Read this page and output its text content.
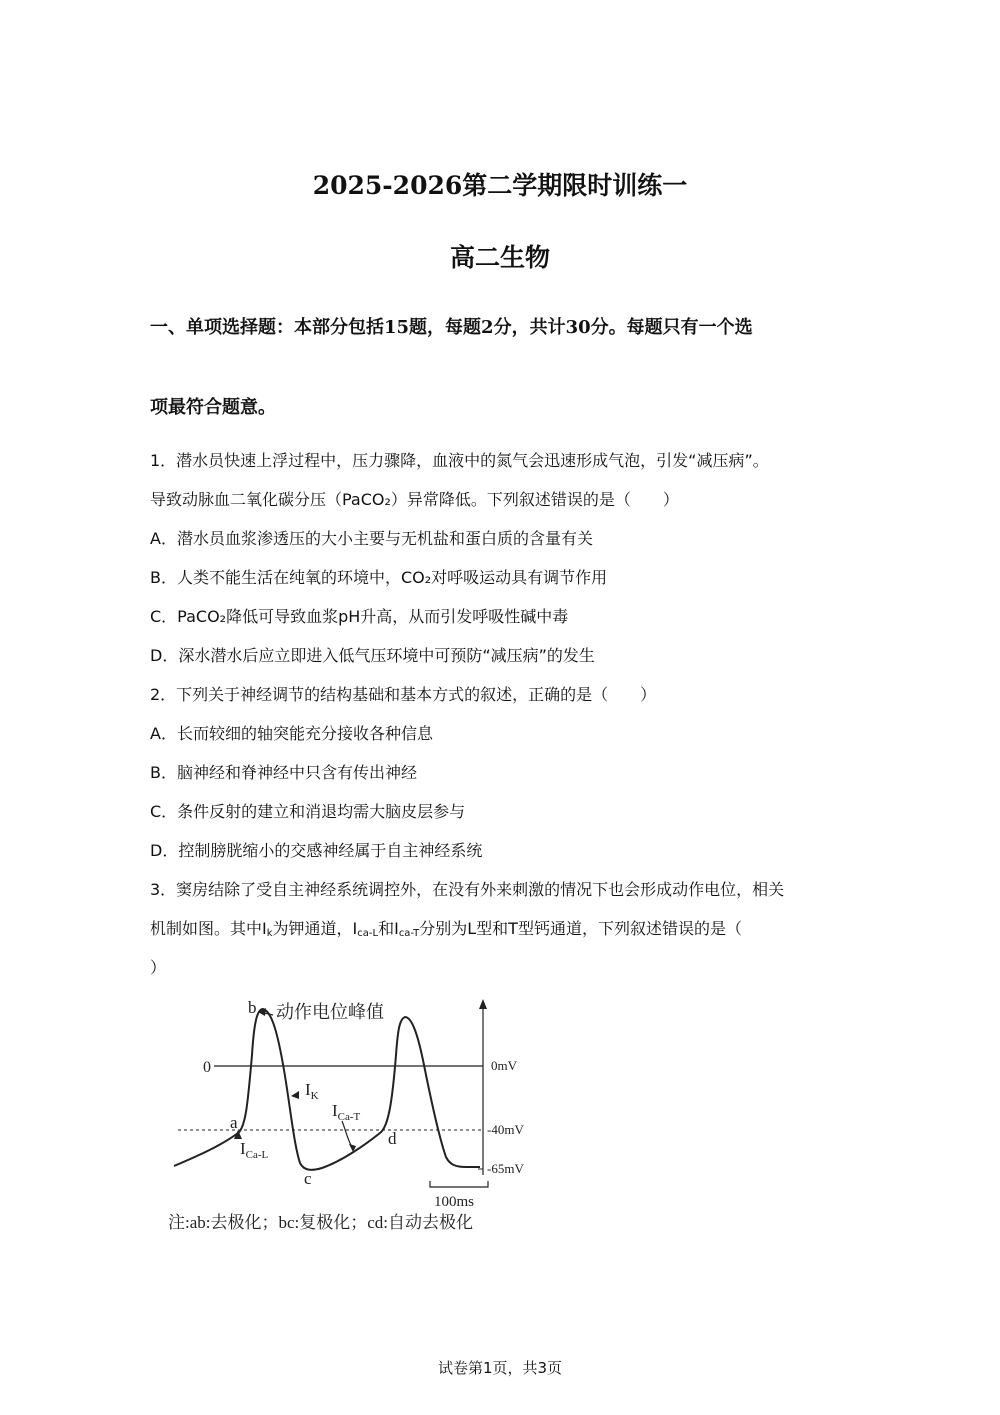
2025-2026第二学期限时训练一
高二生物
一、单项选择题：本部分包括15题，每题2分，共计30分。每题只有一个选
项最符合题意。
1．潜水员快速上浮过程中，压力骤降，血液中的氮气会迅速形成气泡，引发“减压病”。
导致动脉血二氧化碳分压（PaCO₂）异常降低。下列叙述错误的是（　　）
A．潜水员血浆渗透压的大小主要与无机盐和蛋白质的含量有关
B．人类不能生活在纯氧的环境中，CO₂对呼吸运动具有调节作用
C．PaCO₂降低可导致血浆pH升高，从而引发呼吸性碱中毒
D．深水潜水后应立即进入低气压环境中可预防“减压病”的发生
2．下列关于神经调节的结构基础和基本方式的叙述，正确的是（　　）
A．长而较细的轴突能充分接收各种信息
B．脑神经和脊神经中只含有传出神经
C．条件反射的建立和消退均需大脑皮层参与
D．控制膀胱缩小的交感神经属于自主神经系统
3．窦房结除了受自主神经系统调控外，在没有外来刺激的情况下也会形成动作电位，相关
机制如图。其中$I_k$为钾通道，$I_{ca-L}$和$I_{ca-T}$分别为L型和T型钙通道，下列叙述错误的是（
）
动作电位峰值
0	0mV
-40mV
-65mV
b
a
c
d
$I_K$
$I_{Ca-T}$
$I_{Ca-L}$
100ms
注:ab:去极化；bc:复极化；cd:自动去极化
试卷第1页，共3页
